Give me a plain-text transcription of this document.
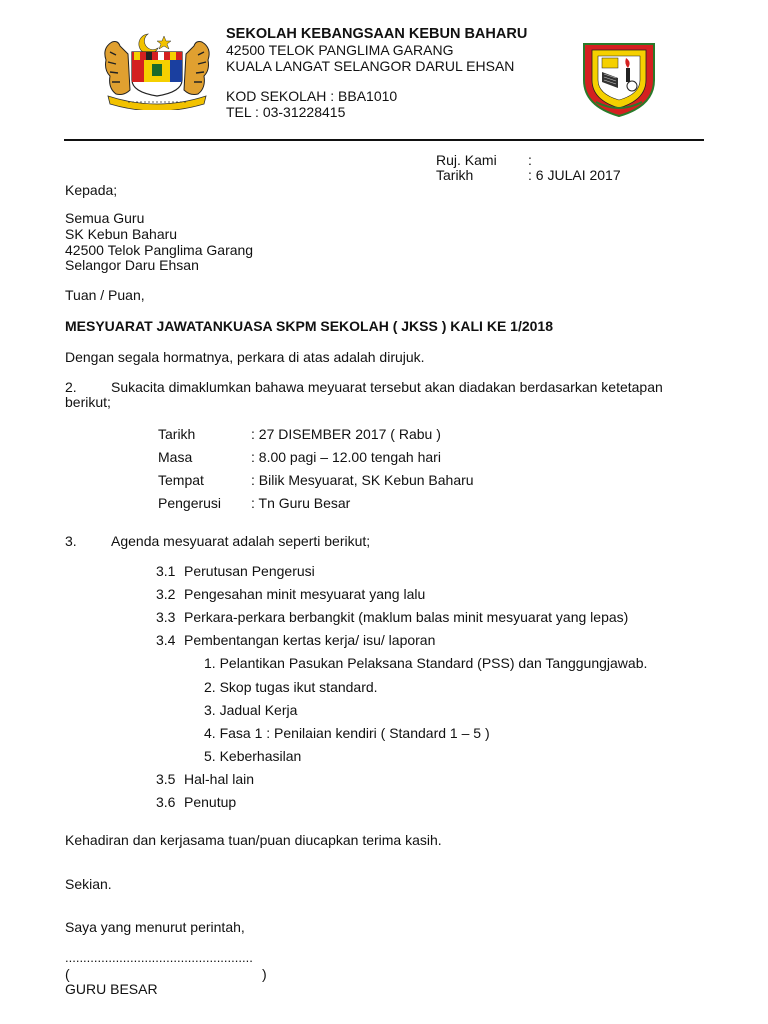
SEKOLAH KEBANGSAAN KEBUN BAHARU
42500 TELOK PANGLIMA GARANG
KUALA LANGAT SELANGOR DARUL EHSAN
KOD SEKOLAH : BBA1010
TEL : 03-31228415
Ruj. Kami :
Tarikh	: 6 JULAI 2017
Kepada;
Semua Guru
SK Kebun Baharu
42500 Telok Panglima Garang
Selangor Daru Ehsan
Tuan / Puan,
MESYUARAT JAWATANKUASA SKPM SEKOLAH ( JKSS ) KALI KE 1/2018
Dengan segala hormatnya, perkara di atas adalah dirujuk.
2. Sukacita dimaklumkan bahawa meyuarat tersebut akan diadakan berdasarkan ketetapan
berikut;
Tarikh	: 27 DISEMBER 2017 ( Rabu )
Masa	: 8.00 pagi – 12.00 tengah hari
Tempat	: Bilik Mesyuarat, SK Kebun Baharu
Pengerusi : Tn Guru Besar
3. Agenda mesyuarat adalah seperti berikut;
3.1 Perutusan Pengerusi
3.2 Pengesahan minit mesyuarat yang lalu
3.3 Perkara-perkara berbangkit (maklum balas minit mesyuarat yang lepas)
3.4 Pembentangan kertas kerja/ isu/ laporan
1. Pelantikan Pasukan Pelaksana Standard (PSS) dan Tanggungjawab.
2. Skop tugas ikut standard.
3. Jadual Kerja
4. Fasa 1 : Penilaian kendiri ( Standard 1 – 5 )
5. Keberhasilan
3.5 Hal-hal lain
3.6 Penutup
Kehadiran dan kerjasama tuan/puan diucapkan terima kasih.
Sekian.
Saya yang menurut perintah,
....................................................
(	)
GURU BESAR
